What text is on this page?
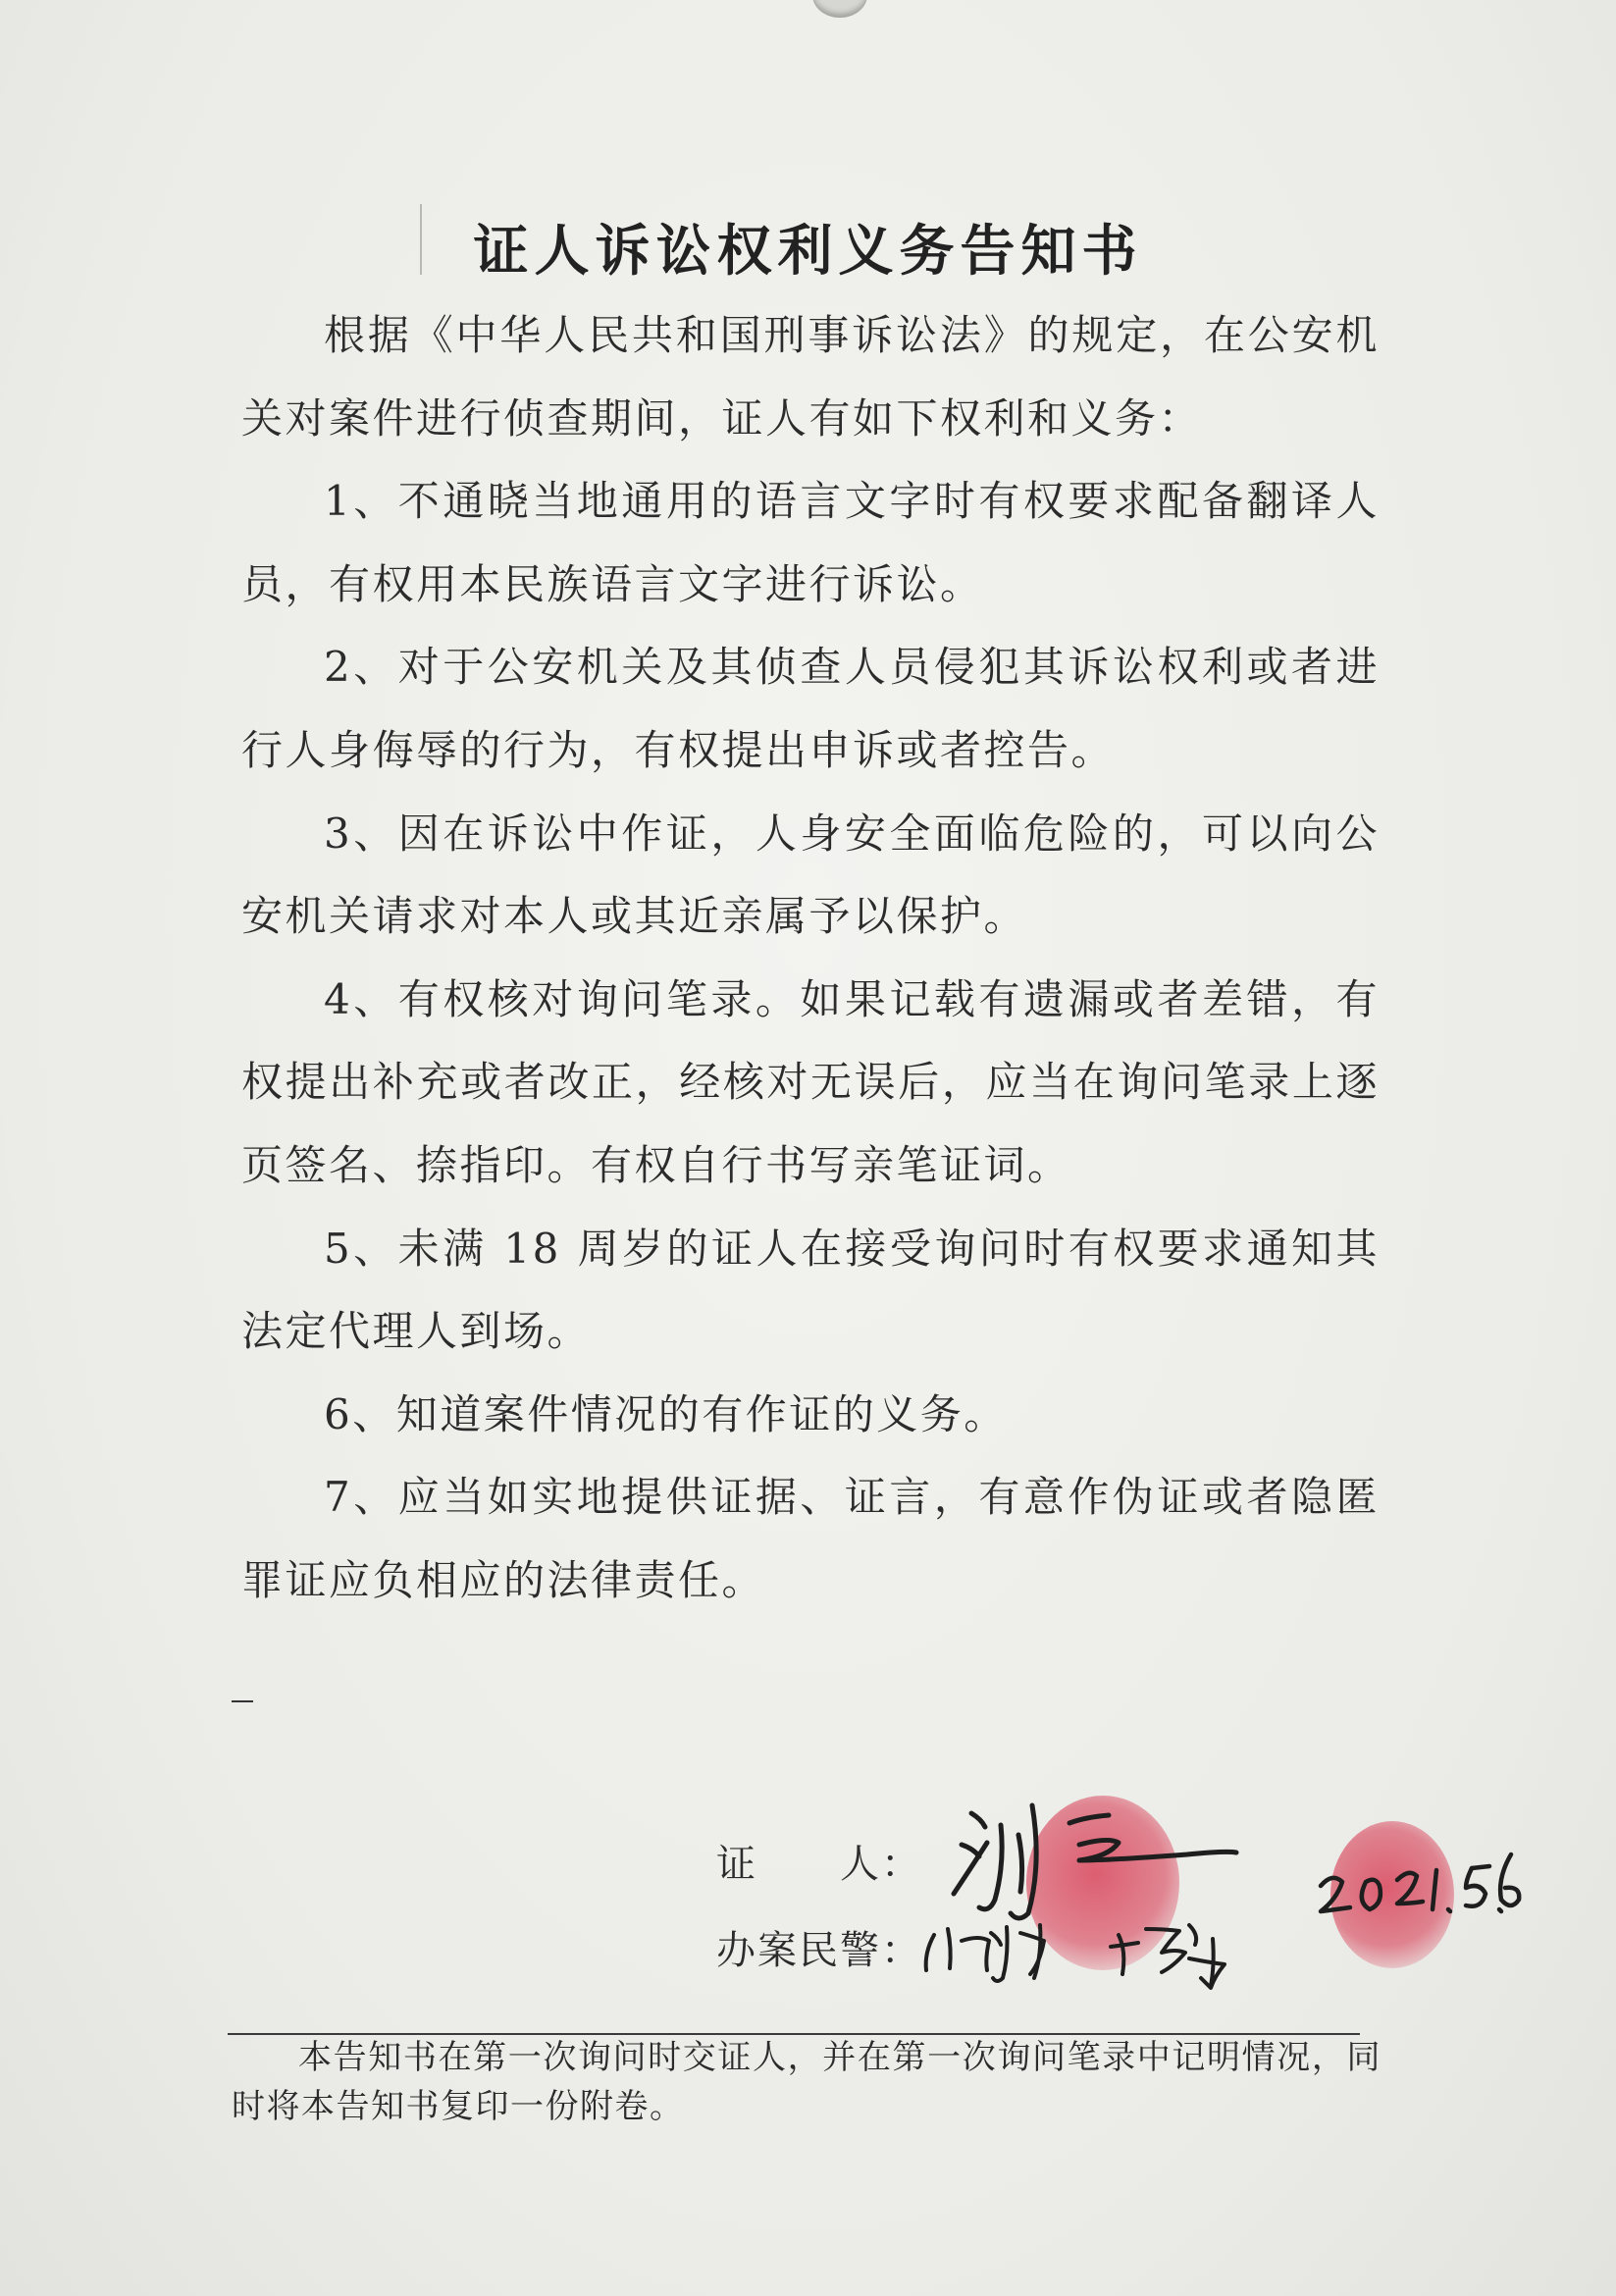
证人诉讼权利义务告知书

根据《中华人民共和国刑事诉讼法》的规定，在公安机关对案件进行侦查期间，证人有如下权利和义务：

1、不通晓当地通用的语言文字时有权要求配备翻译人员，有权用本民族语言文字进行诉讼。

2、对于公安机关及其侦查人员侵犯其诉讼权利或者进行人身侮辱的行为，有权提出申诉或者控告。

3、因在诉讼中作证，人身安全面临危险的，可以向公安机关请求对本人或其近亲属予以保护。

4、有权核对询问笔录。如果记载有遗漏或者差错，有权提出补充或者改正，经核对无误后，应当在询问笔录上逐页签名、捺指印。有权自行书写亲笔证词。

5、未满 18 周岁的证人在接受询问时有权要求通知其法定代理人到场。

6、知道案件情况的有作证的义务。

7、应当如实地提供证据、证言，有意作伪证或者隐匿罪证应负相应的法律责任。

证　　人：
办案民警：

本告知书在第一次询问时交证人，并在第一次询问笔录中记明情况，同时将本告知书复印一份附卷。
